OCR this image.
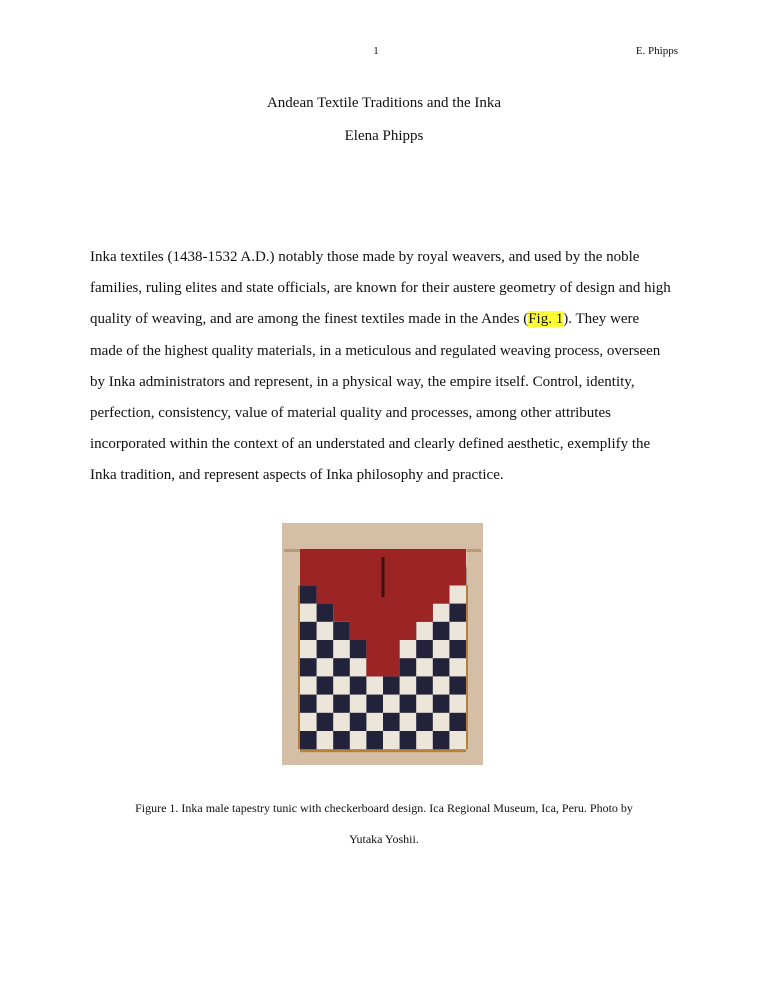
1	E. Phipps
Andean Textile Traditions and the Inka
Elena Phipps

Inka textiles (1438-1532 A.D.) notably those made by royal weavers, and used by the noble
families, ruling elites and state officials, are known for their austere geometry of design and high
quality of weaving, and are among the finest textiles made in the Andes (Fig. 1). They were
made of the highest quality materials, in a meticulous and regulated weaving process, overseen
by Inka administrators and represent, in a physical way, the empire itself. Control, identity,
perfection, consistency, value of material quality and processes, among other attributes
incorporated within the context of an understated and clearly defined aesthetic, exemplify the
Inka tradition, and represent aspects of Inka philosophy and practice.

Figure 1. Inka male tapestry tunic with checkerboard design. Ica Regional Museum, Ica, Peru. Photo by
Yutaka Yoshii.
